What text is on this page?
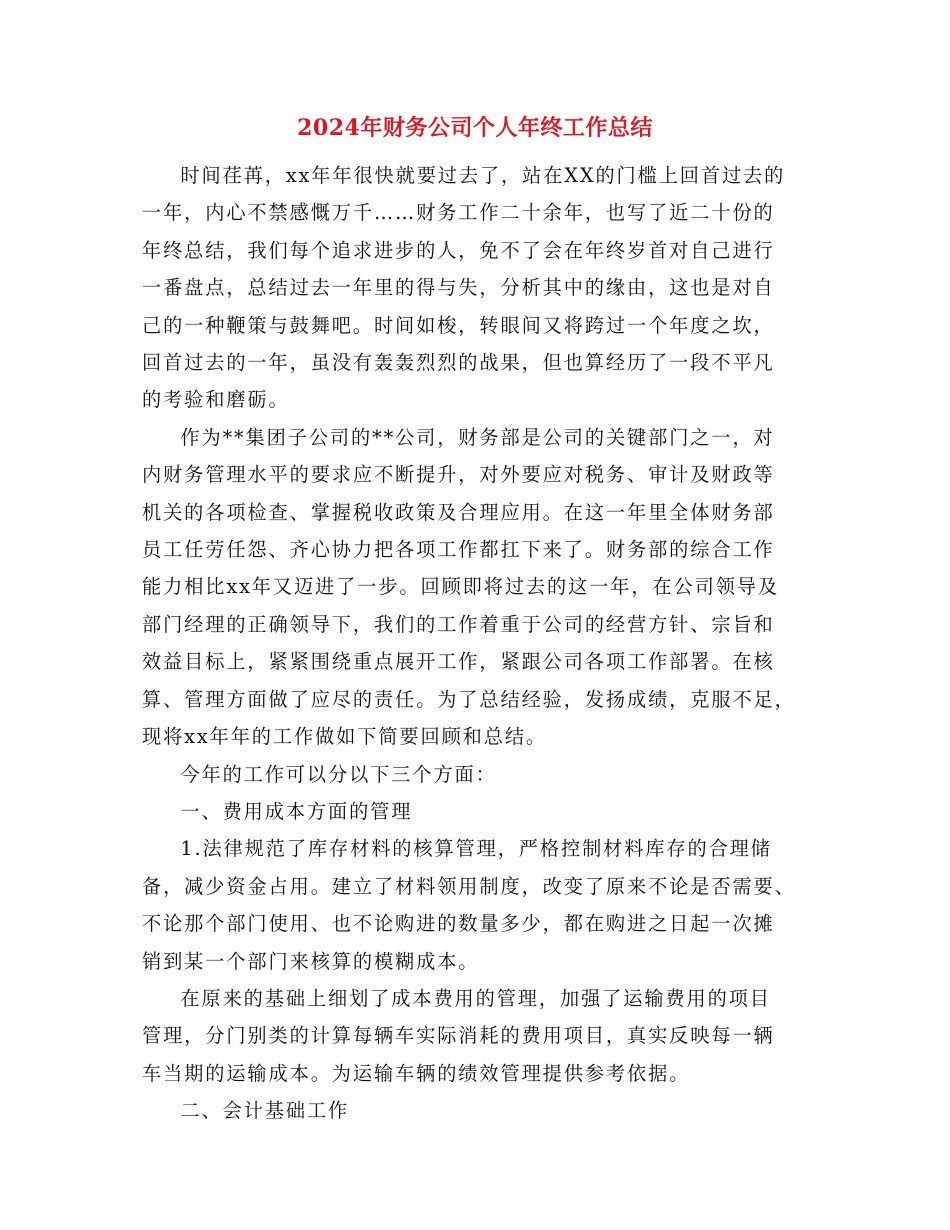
2024年财务公司个人年终工作总结

时间荏苒，xx年年很快就要过去了，站在XX的门槛上回首过去的
一年，内心不禁感慨万千……财务工作二十余年，也写了近二十份的
年终总结，我们每个追求进步的人，免不了会在年终岁首对自己进行
一番盘点，总结过去一年里的得与失，分析其中的缘由，这也是对自
己的一种鞭策与鼓舞吧。时间如梭，转眼间又将跨过一个年度之坎，
回首过去的一年，虽没有轰轰烈烈的战果，但也算经历了一段不平凡
的考验和磨砺。

作为**集团子公司的**公司，财务部是公司的关键部门之一，对
内财务管理水平的要求应不断提升，对外要应对税务、审计及财政等
机关的各项检查、掌握税收政策及合理应用。在这一年里全体财务部
员工任劳任怨、齐心协力把各项工作都扛下来了。财务部的综合工作
能力相比xx年又迈进了一步。回顾即将过去的这一年，在公司领导及
部门经理的正确领导下，我们的工作着重于公司的经营方针、宗旨和
效益目标上，紧紧围绕重点展开工作，紧跟公司各项工作部署。在核
算、管理方面做了应尽的责任。为了总结经验，发扬成绩，克服不足，
现将xx年年的工作做如下简要回顾和总结。

今年的工作可以分以下三个方面：

一、费用成本方面的管理

1.法律规范了库存材料的核算管理，严格控制材料库存的合理储
备，减少资金占用。建立了材料领用制度，改变了原来不论是否需要、
不论那个部门使用、也不论购进的数量多少，都在购进之日起一次摊
销到某一个部门来核算的模糊成本。

在原来的基础上细划了成本费用的管理，加强了运输费用的项目
管理，分门别类的计算每辆车实际消耗的费用项目，真实反映每一辆
车当期的运输成本。为运输车辆的绩效管理提供参考依据。

二、会计基础工作
